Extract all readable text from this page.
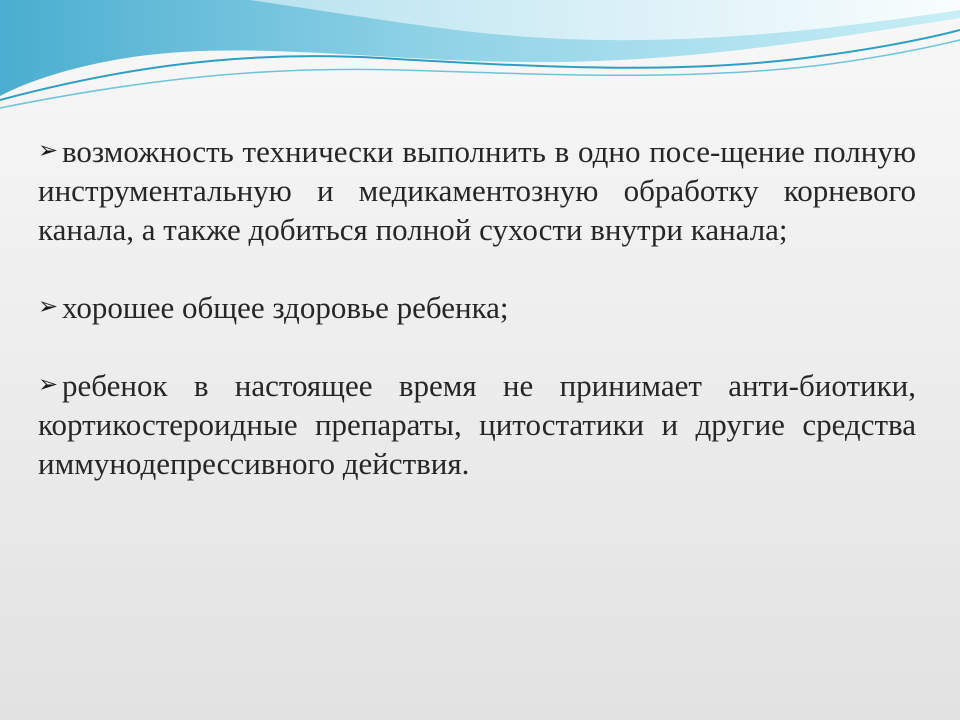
➢ возможность технически выполнить в одно посе-щение полную инструментальную и медикаментозную обработку корневого канала, а также добиться полной сухости внутри канала;
➢ хорошее общее здоровье ребенка;
➢ ребенок в настоящее время не принимает анти-биотики, кортикостероидные препараты, цитостатики и другие средства иммунодепрессивного действия.
